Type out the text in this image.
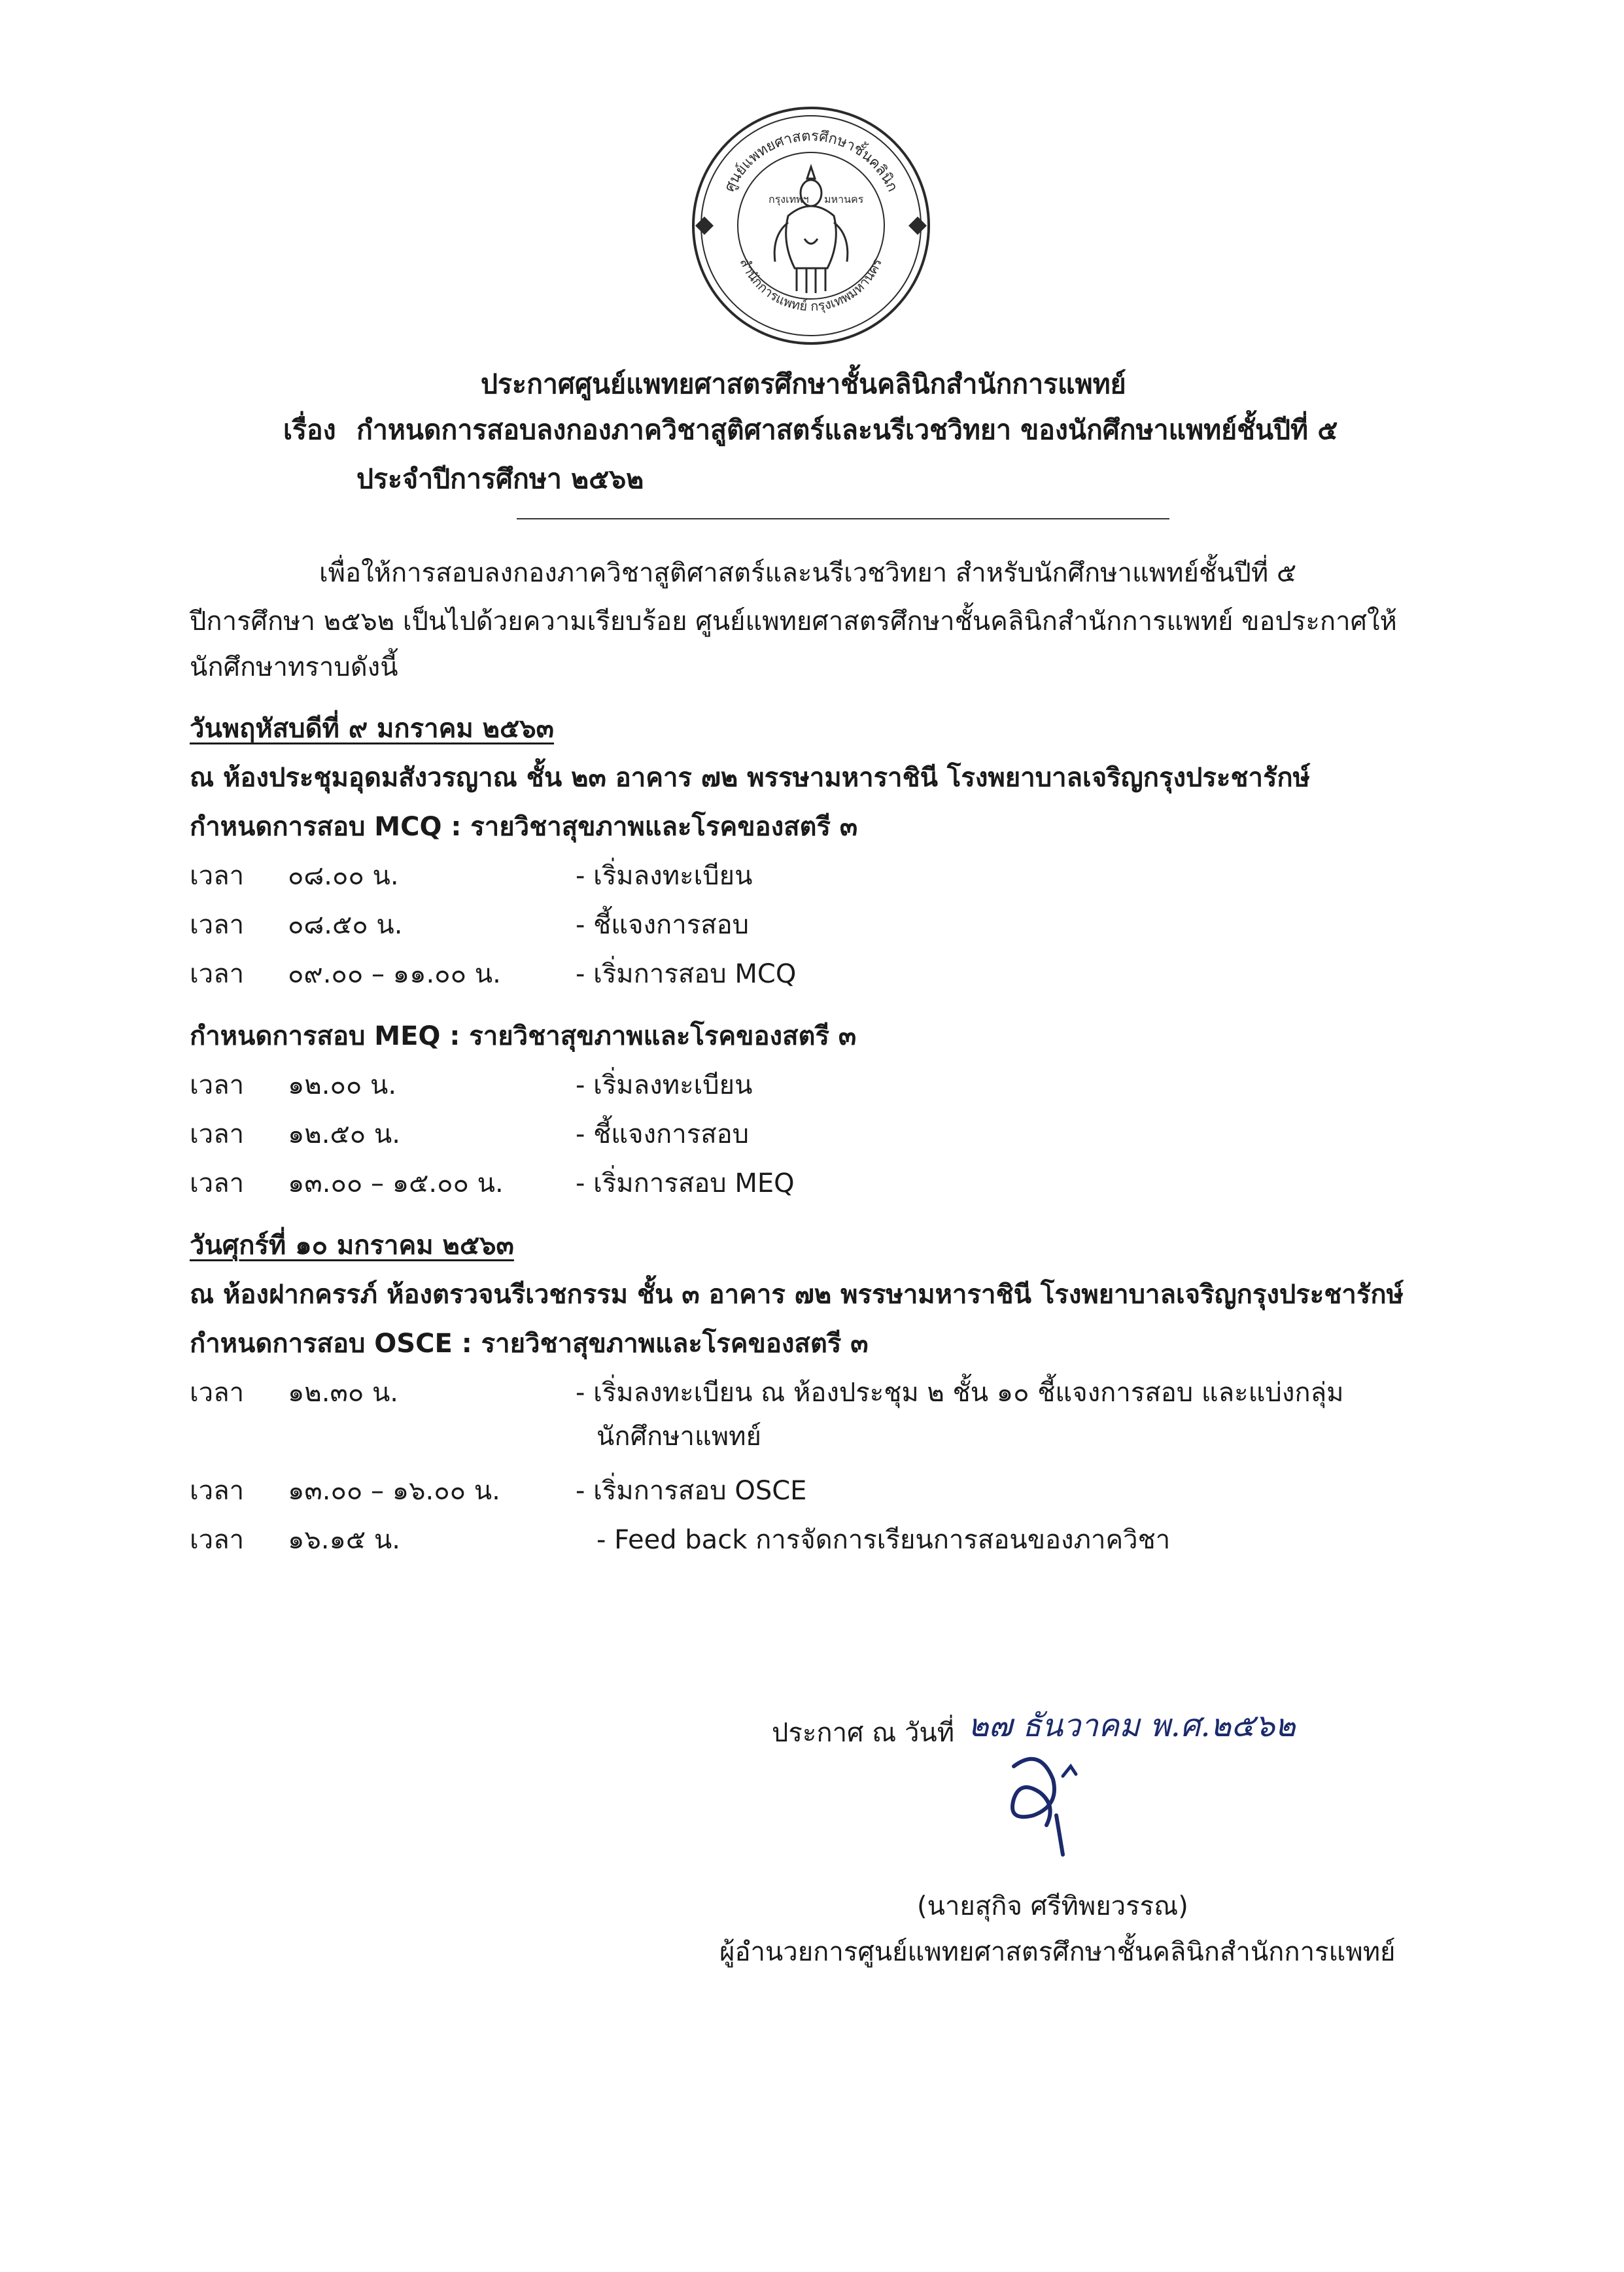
ศูนย์แพทยศาสตรศึกษาชั้นคลินิก
สำนักการแพทย์ กรุงเทพมหานคร
กรุงเทพฯ มหานคร
ประกาศศูนย์แพทยศาสตรศึกษาชั้นคลินิกสำนักการแพทย์
เรื่อง กำหนดการสอบลงกองภาควิชาสูติศาสตร์และนรีเวชวิทยา ของนักศึกษาแพทย์ชั้นปีที่ ๕
ประจำปีการศึกษา ๒๕๖๒
เพื่อให้การสอบลงกองภาควิชาสูติศาสตร์และนรีเวชวิทยา สำหรับนักศึกษาแพทย์ชั้นปีที่ ๕
ปีการศึกษา ๒๕๖๒ เป็นไปด้วยความเรียบร้อย ศูนย์แพทยศาสตรศึกษาชั้นคลินิกสำนักการแพทย์ ขอประกาศให้
นักศึกษาทราบดังนี้
วันพฤหัสบดีที่ ๙ มกราคม ๒๕๖๓
ณ ห้องประชุมอุดมสังวรญาณ ชั้น ๒๓ อาคาร ๗๒ พรรษามหาราชินี โรงพยาบาลเจริญกรุงประชารักษ์
กำหนดการสอบ MCQ : รายวิชาสุขภาพและโรคของสตรี ๓
เวลา ๐๘.๐๐ น.	- เริ่มลงทะเบียน
เวลา ๐๘.๕๐ น.	- ชี้แจงการสอบ
เวลา ๐๙.๐๐ – ๑๑.๐๐ น.	- เริ่มการสอบ MCQ
กำหนดการสอบ MEQ : รายวิชาสุขภาพและโรคของสตรี ๓
เวลา ๑๒.๐๐ น.	- เริ่มลงทะเบียน
เวลา ๑๒.๕๐ น.	- ชี้แจงการสอบ
เวลา ๑๓.๐๐ – ๑๕.๐๐ น.	- เริ่มการสอบ MEQ
วันศุกร์ที่ ๑๐ มกราคม ๒๕๖๓
ณ ห้องฝากครรภ์ ห้องตรวจนรีเวชกรรม ชั้น ๓ อาคาร ๗๒ พรรษามหาราชินี โรงพยาบาลเจริญกรุงประชารักษ์
กำหนดการสอบ OSCE : รายวิชาสุขภาพและโรคของสตรี ๓
เวลา ๑๒.๓๐ น.	- เริ่มลงทะเบียน ณ ห้องประชุม ๒ ชั้น ๑๐ ชี้แจงการสอบ และแบ่งกลุ่ม
นักศึกษาแพทย์
เวลา ๑๓.๐๐ – ๑๖.๐๐ น.	- เริ่มการสอบ OSCE
เวลา ๑๖.๑๕ น.	- Feed back การจัดการเรียนการสอนของภาควิชา
ประกาศ ณ วันที่ ๒๗ ธันวาคม พ.ศ.๒๕๖๒
(นายสุกิจ ศรีทิพยวรรณ)
ผู้อำนวยการศูนย์แพทยศาสตรศึกษาชั้นคลินิกสำนักการแพทย์
